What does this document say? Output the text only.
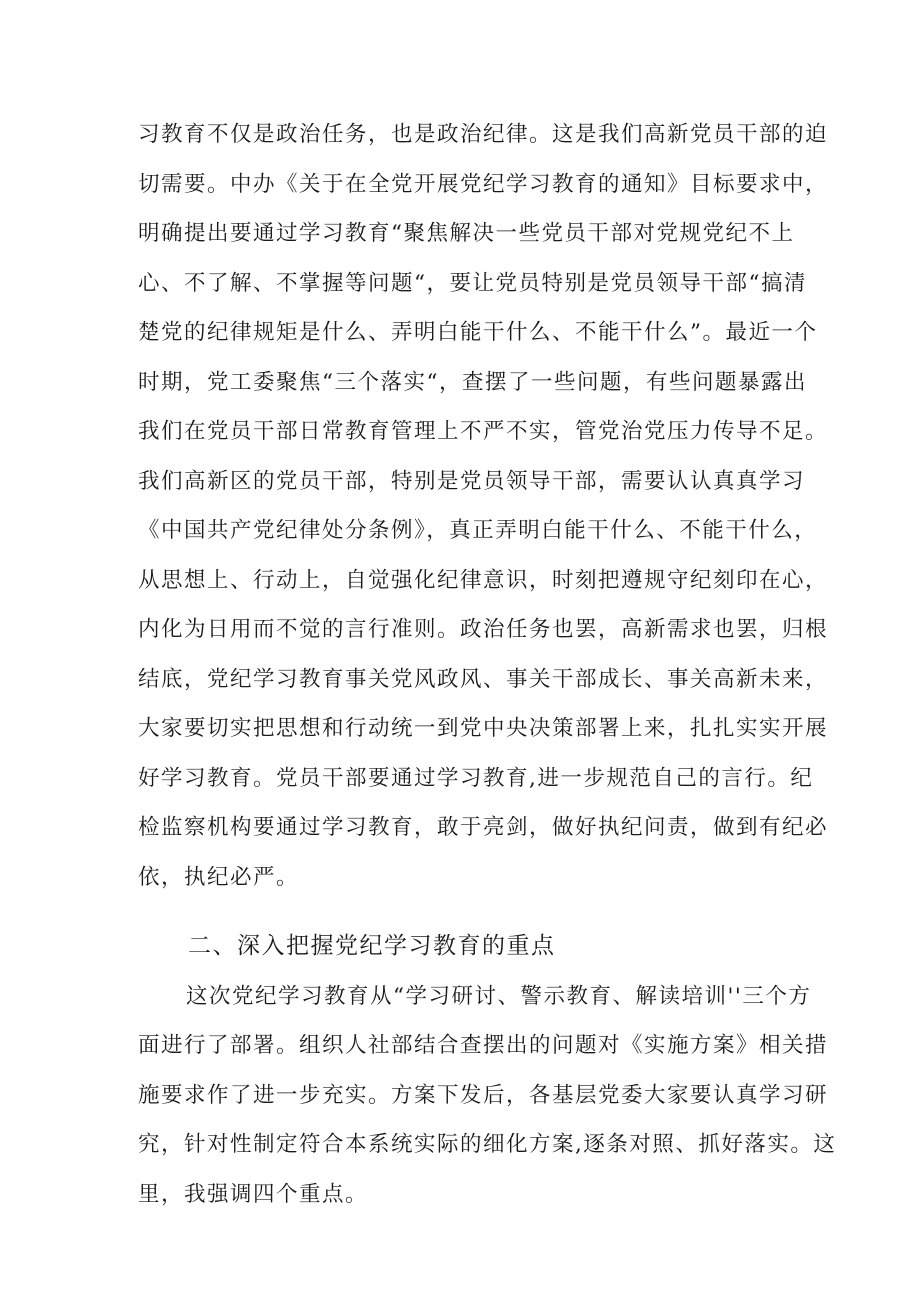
习教育不仅是政治任务，也是政治纪律。这是我们高新党员干部的迫
切需要。中办《关于在全党开展党纪学习教育的通知》目标要求中，
明确提出要通过学习教育“聚焦解决一些党员干部对党规党纪不上
心、不了解、不掌握等问题“，要让党员特别是党员领导干部“搞清
楚党的纪律规矩是什么、弄明白能干什么、不能干什么”。最近一个
时期，党工委聚焦“三个落实“，查摆了一些问题，有些问题暴露出
我们在党员干部日常教育管理上不严不实，管党治党压力传导不足。
我们高新区的党员干部，特别是党员领导干部，需要认认真真学习
《中国共产党纪律处分条例》，真正弄明白能干什么、不能干什么，
从思想上、行动上，自觉强化纪律意识，时刻把遵规守纪刻印在心，
内化为日用而不觉的言行准则。政治任务也罢，高新需求也罢，归根
结底，党纪学习教育事关党风政风、事关干部成长、事关高新未来，
大家要切实把思想和行动统一到党中央决策部署上来，扎扎实实开展
好学习教育。党员干部要通过学习教育,进一步规范自己的言行。纪
检监察机构要通过学习教育，敢于亮剑，做好执纪问责，做到有纪必
依，执纪必严。
二、深入把握党纪学习教育的重点
这次党纪学习教育从“学习研讨、警示教育、解读培训''三个方
面进行了部署。组织人社部结合查摆出的问题对《实施方案》相关措
施要求作了进一步充实。方案下发后，各基层党委大家要认真学习研
究，针对性制定符合本系统实际的细化方案,逐条对照、抓好落实。这
里，我强调四个重点。
